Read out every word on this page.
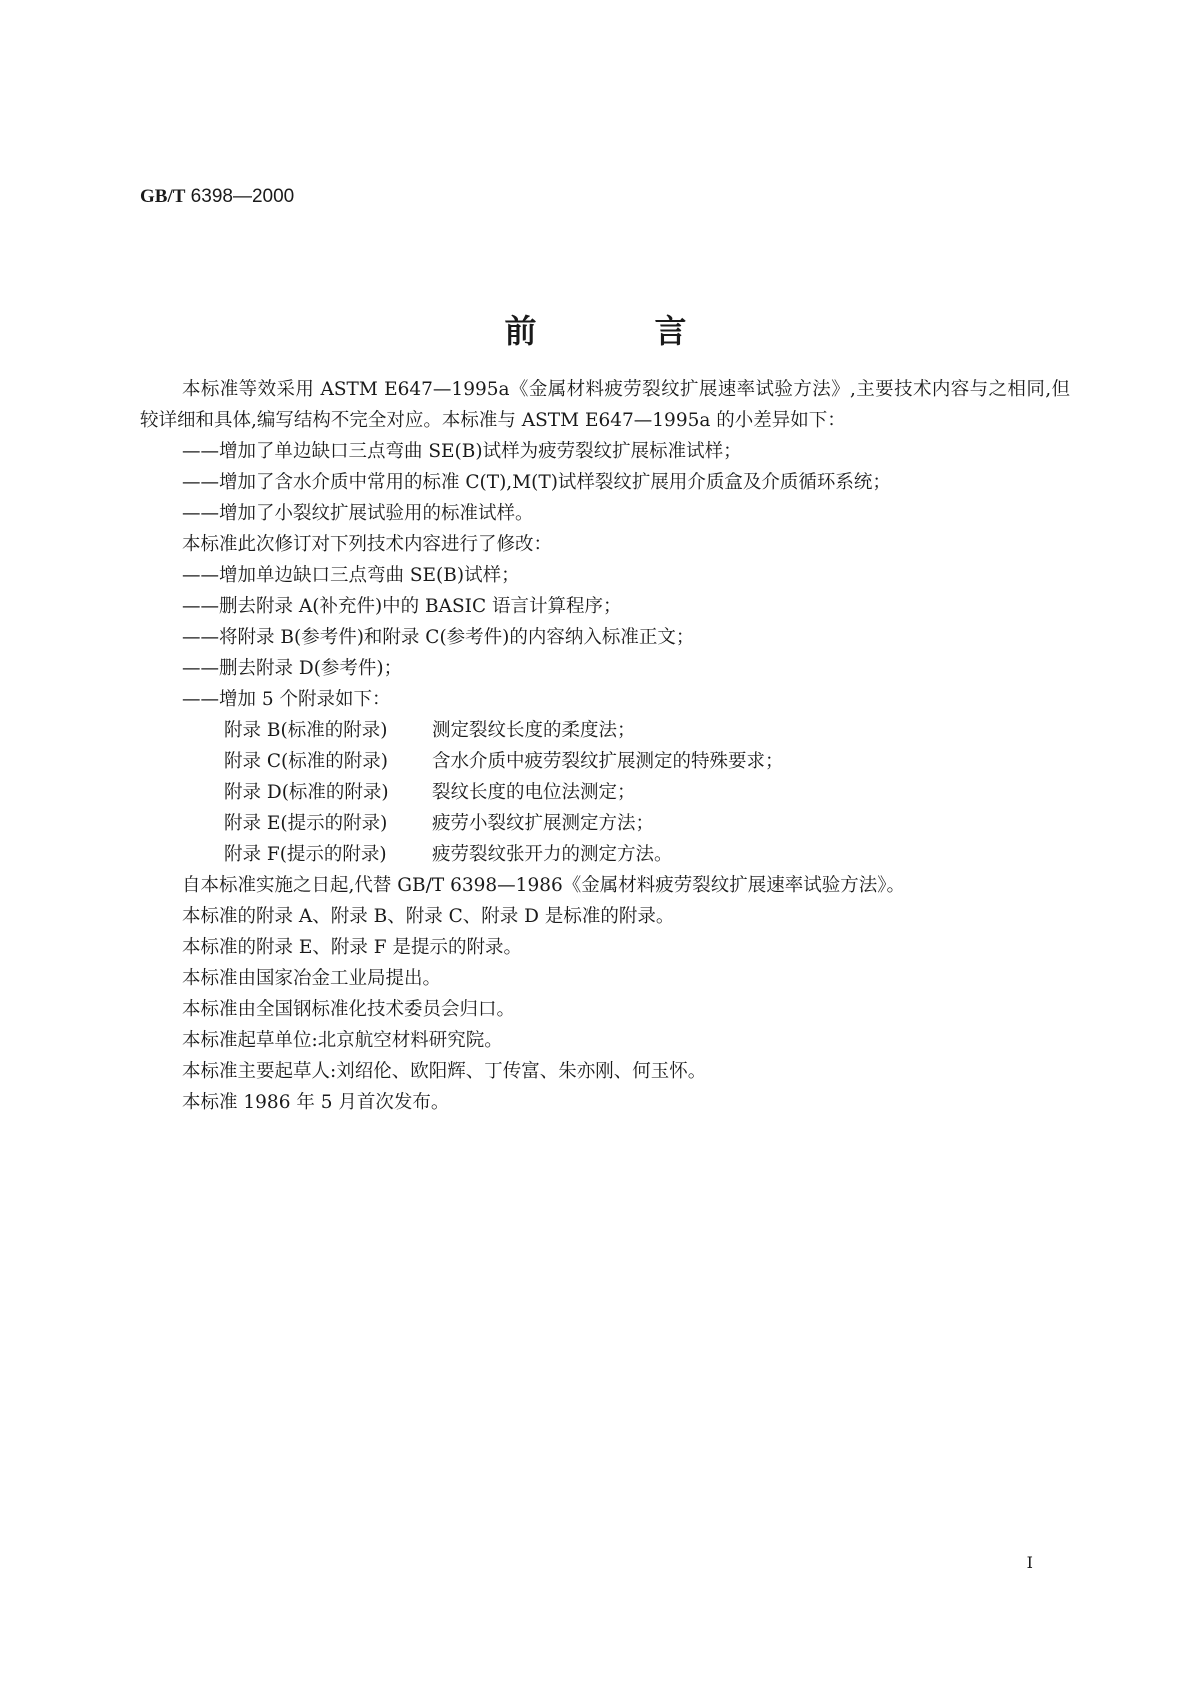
GB/T 6398—2000
前	言
本标准等效采用 ASTM E647—1995a《金属材料疲劳裂纹扩展速率试验方法》,主要技术内容与之相同,但较详细和具体,编写结构不完全对应。本标准与 ASTM E647—1995a 的小差异如下：
——增加了单边缺口三点弯曲 SE(B)试样为疲劳裂纹扩展标准试样；
——增加了含水介质中常用的标准 C(T),M(T)试样裂纹扩展用介质盒及介质循环系统；
——增加了小裂纹扩展试验用的标准试样。
本标准此次修订对下列技术内容进行了修改：
——增加单边缺口三点弯曲 SE(B)试样；
——删去附录 A(补充件)中的 BASIC 语言计算程序；
——将附录 B(参考件)和附录 C(参考件)的内容纳入标准正文；
——删去附录 D(参考件)；
——增加 5 个附录如下：
附录 B(标准的附录)	测定裂纹长度的柔度法；
附录 C(标准的附录)	含水介质中疲劳裂纹扩展测定的特殊要求；
附录 D(标准的附录)	裂纹长度的电位法测定；
附录 E(提示的附录)	疲劳小裂纹扩展测定方法；
附录 F(提示的附录)	疲劳裂纹张开力的测定方法。
自本标准实施之日起,代替 GB/T 6398—1986《金属材料疲劳裂纹扩展速率试验方法》。
本标准的附录 A、附录 B、附录 C、附录 D 是标准的附录。
本标准的附录 E、附录 F 是提示的附录。
本标准由国家冶金工业局提出。
本标准由全国钢标准化技术委员会归口。
本标准起草单位:北京航空材料研究院。
本标准主要起草人:刘绍伦、欧阳辉、丁传富、朱亦刚、何玉怀。
本标准 1986 年 5 月首次发布。
I
